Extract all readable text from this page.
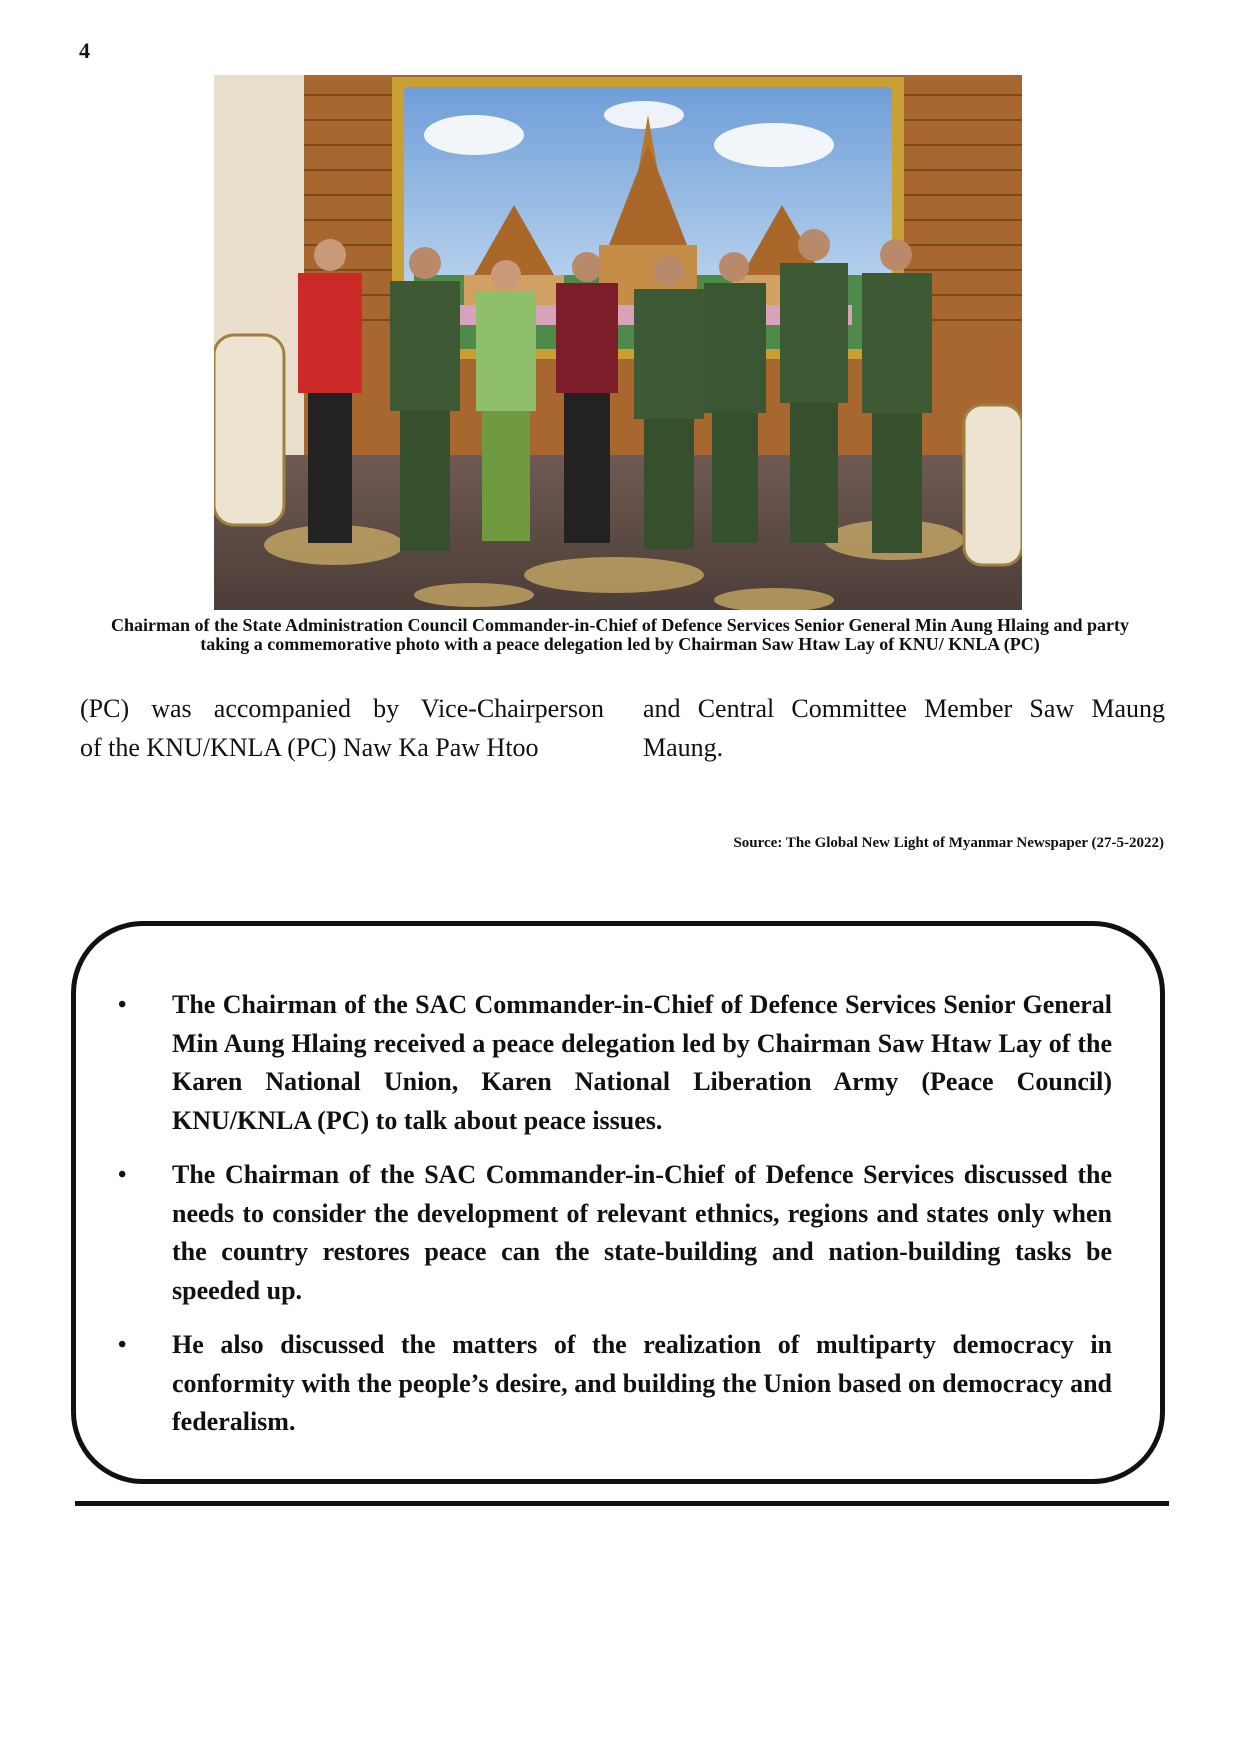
4
Chairman of the State Administration Council Commander-in-Chief of Defence Services Senior General Min Aung Hlaing and party taking a commemorative photo with a peace delegation led by Chairman Saw Htaw Lay of KNU/ KNLA (PC)

(PC) was accompanied by Vice-Chairperson

of the KNU/KNLA (PC) Naw Ka Paw Htoo

and Central Committee Member Saw Maung Maung.

Source: The Global New Light of Myanmar Newspaper (27-5-2022)
• The Chairman of the SAC Commander-in-Chief of Defence Services Senior General Min Aung Hlaing received a peace delegation led by Chairman Saw Htaw Lay of the Karen National Union, Karen National Liberation Army (Peace Council) KNU/KNLA (PC) to talk about peace issues.
• The Chairman of the SAC Commander-in-Chief of Defence Services discussed the needs to consider the development of relevant ethnics, regions and states only when the country restores peace can the state-building and nation-building tasks be speeded up.
• He also discussed the matters of the realization of multiparty democracy in conformity with the people’s desire, and building the Union based on democracy and federalism.
